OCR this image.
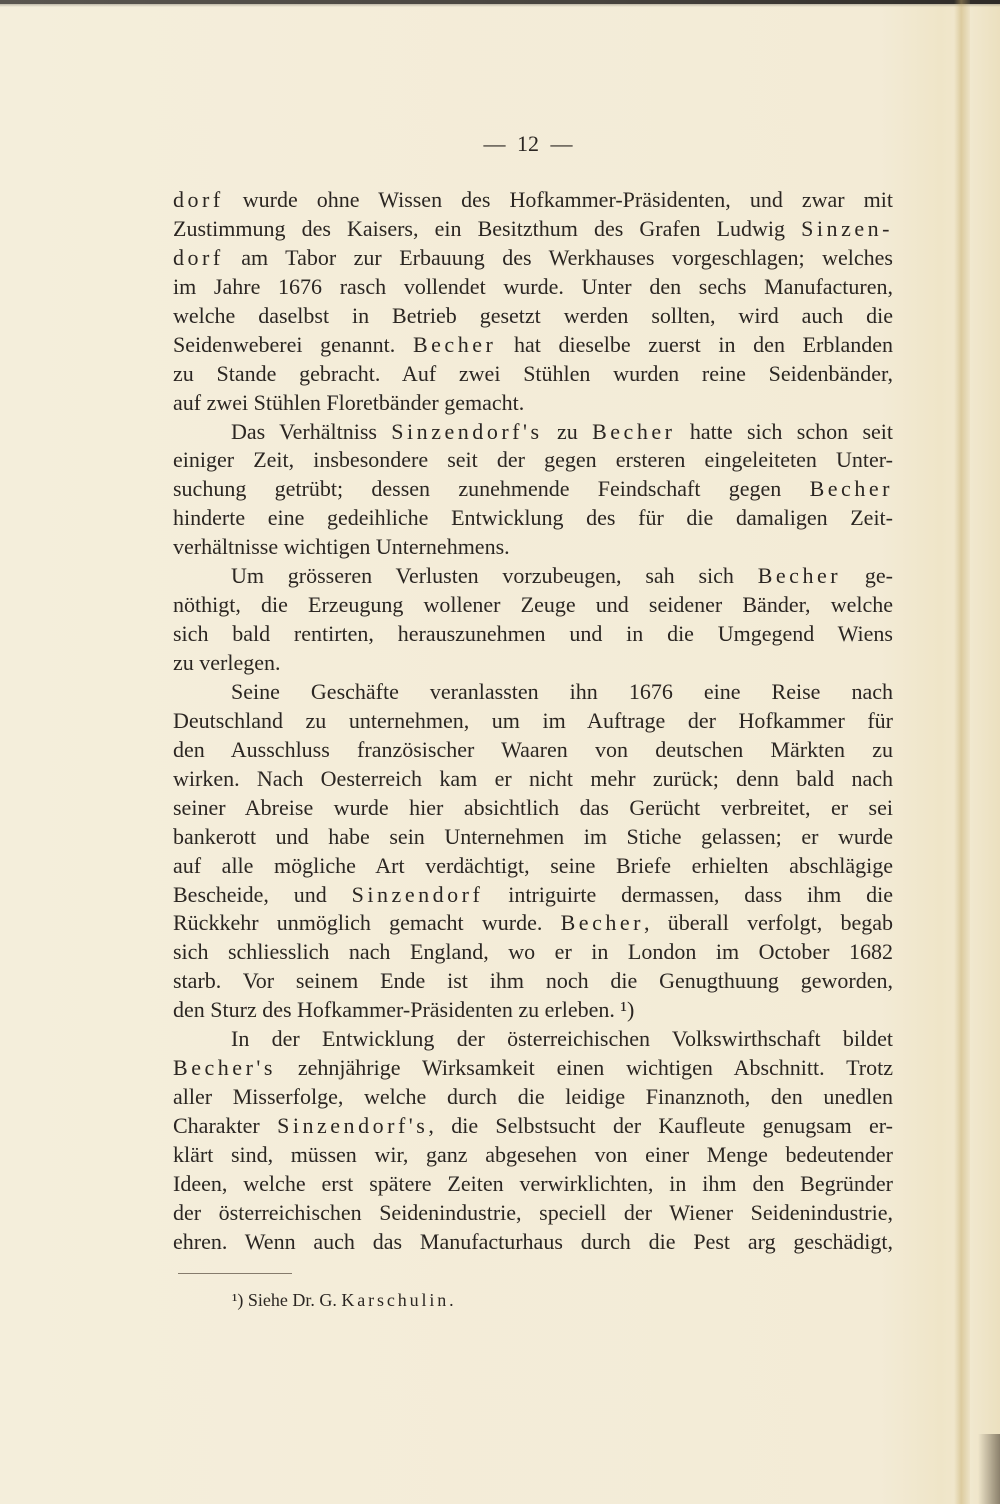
— 12 —
dorf wurde ohne Wissen des Hofkammer-Präsidenten, und zwar mit
Zustimmung des Kaisers, ein Besitzthum des Grafen Ludwig Sinzen-
dorf am Tabor zur Erbauung des Werkhauses vorgeschlagen; welches
im Jahre 1676 rasch vollendet wurde. Unter den sechs Manufacturen,
welche daselbst in Betrieb gesetzt werden sollten, wird auch die
Seidenweberei genannt. Becher hat dieselbe zuerst in den Erblanden
zu Stande gebracht. Auf zwei Stühlen wurden reine Seidenbänder,
auf zwei Stühlen Floretbänder gemacht.
Das Verhältniss Sinzendorf's zu Becher hatte sich schon seit
einiger Zeit, insbesondere seit der gegen ersteren eingeleiteten Unter-
suchung getrübt; dessen zunehmende Feindschaft gegen Becher
hinderte eine gedeihliche Entwicklung des für die damaligen Zeit-
verhältnisse wichtigen Unternehmens.
Um grösseren Verlusten vorzubeugen, sah sich Becher ge-
nöthigt, die Erzeugung wollener Zeuge und seidener Bänder, welche
sich bald rentirten, herauszunehmen und in die Umgegend Wiens
zu verlegen.
Seine Geschäfte veranlassten ihn 1676 eine Reise nach
Deutschland zu unternehmen, um im Auftrage der Hofkammer für
den Ausschluss französischer Waaren von deutschen Märkten zu
wirken. Nach Oesterreich kam er nicht mehr zurück; denn bald nach
seiner Abreise wurde hier absichtlich das Gerücht verbreitet, er sei
bankerott und habe sein Unternehmen im Stiche gelassen; er wurde
auf alle mögliche Art verdächtigt, seine Briefe erhielten abschlägige
Bescheide, und Sinzendorf intriguirte dermassen, dass ihm die
Rückkehr unmöglich gemacht wurde. Becher, überall verfolgt, begab
sich schliesslich nach England, wo er in London im October 1682
starb. Vor seinem Ende ist ihm noch die Genugthuung geworden,
den Sturz des Hofkammer-Präsidenten zu erleben. ¹)
In der Entwicklung der österreichischen Volkswirthschaft bildet
Becher's zehnjährige Wirksamkeit einen wichtigen Abschnitt. Trotz
aller Misserfolge, welche durch die leidige Finanznoth, den unedlen
Charakter Sinzendorf's, die Selbstsucht der Kaufleute genugsam er-
klärt sind, müssen wir, ganz abgesehen von einer Menge bedeutender
Ideen, welche erst spätere Zeiten verwirklichten, in ihm den Begründer
der österreichischen Seidenindustrie, speciell der Wiener Seidenindustrie,
ehren. Wenn auch das Manufacturhaus durch die Pest arg geschädigt,
¹) Siehe Dr. G. Karschulin.
